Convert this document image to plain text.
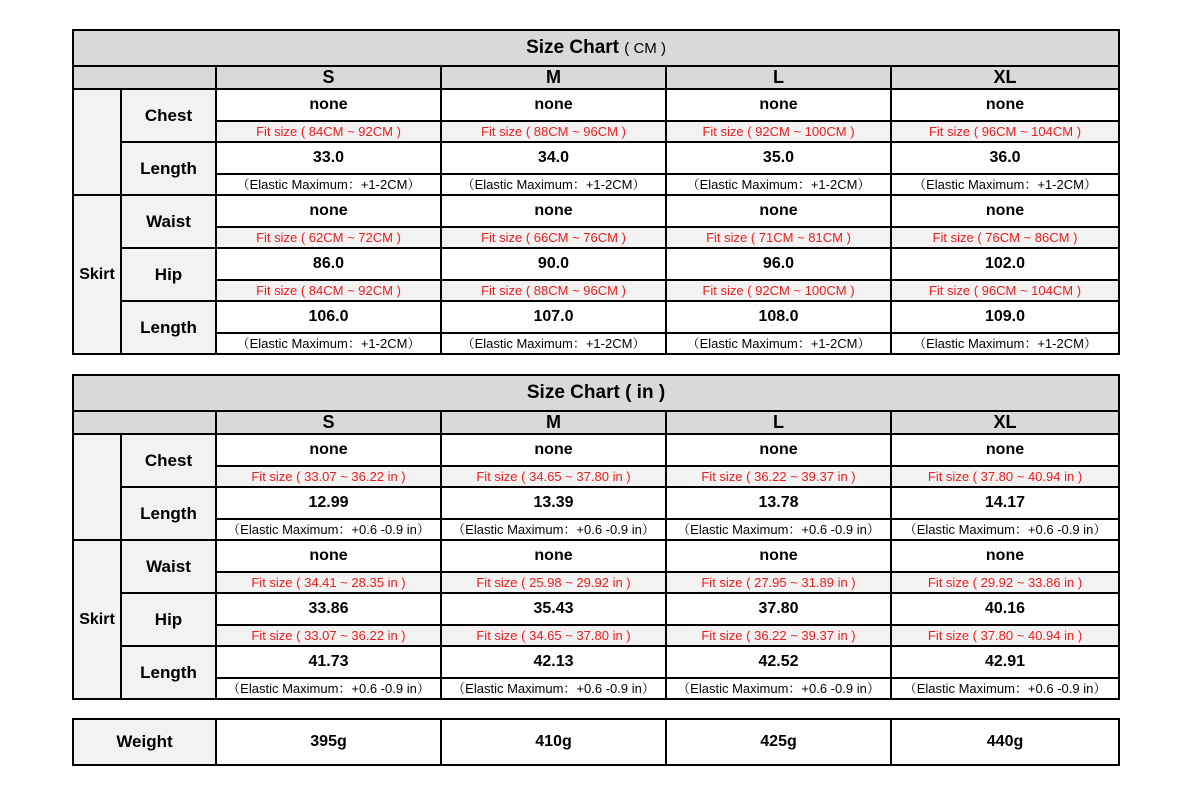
Size Chart ( CM )					
		S	M	L	XL
	Chest	none	none	none	none
		Fit size ( 84CM ~ 92CM )	Fit size ( 88CM ~ 96CM )	Fit size ( 92CM ~ 100CM )	Fit size ( 96CM ~ 104CM )
	Length	33.0	34.0	35.0	36.0
		（Elastic Maximum：+1-2CM）	（Elastic Maximum：+1-2CM）	（Elastic Maximum：+1-2CM）	（Elastic Maximum：+1-2CM）
Skirt	Waist	none	none	none	none
		Fit size ( 62CM ~ 72CM )	Fit size ( 66CM ~ 76CM )	Fit size ( 71CM ~ 81CM )	Fit size ( 76CM ~ 86CM )
	Hip	86.0	90.0	96.0	102.0
		Fit size ( 84CM ~ 92CM )	Fit size ( 88CM ~ 96CM )	Fit size ( 92CM ~ 100CM )	Fit size ( 96CM ~ 104CM )
	Length	106.0	107.0	108.0	109.0
		（Elastic Maximum：+1-2CM）	（Elastic Maximum：+1-2CM）	（Elastic Maximum：+1-2CM）	（Elastic Maximum：+1-2CM）
Size Chart ( in )					
		S	M	L	XL
	Chest	none	none	none	none
		Fit size ( 33.07 ~ 36.22 in )	Fit size ( 34.65 ~ 37.80 in )	Fit size ( 36.22 ~ 39.37 in )	Fit size ( 37.80 ~ 40.94 in )
	Length	12.99	13.39	13.78	14.17
		（Elastic Maximum：+0.6 -0.9 in）	（Elastic Maximum：+0.6 -0.9 in）	（Elastic Maximum：+0.6 -0.9 in）	（Elastic Maximum：+0.6 -0.9 in）
Skirt	Waist	none	none	none	none
		Fit size ( 34.41 ~ 28.35 in )	Fit size ( 25.98 ~ 29.92 in )	Fit size ( 27.95 ~ 31.89 in )	Fit size ( 29.92 ~ 33.86 in )
	Hip	33.86	35.43	37.80	40.16
		Fit size ( 33.07 ~ 36.22 in )	Fit size ( 34.65 ~ 37.80 in )	Fit size ( 36.22 ~ 39.37 in )	Fit size ( 37.80 ~ 40.94 in )
	Length	41.73	42.13	42.52	42.91
		（Elastic Maximum：+0.6 -0.9 in）	（Elastic Maximum：+0.6 -0.9 in）	（Elastic Maximum：+0.6 -0.9 in）	（Elastic Maximum：+0.6 -0.9 in）
Weight	395g	410g	425g	440g
